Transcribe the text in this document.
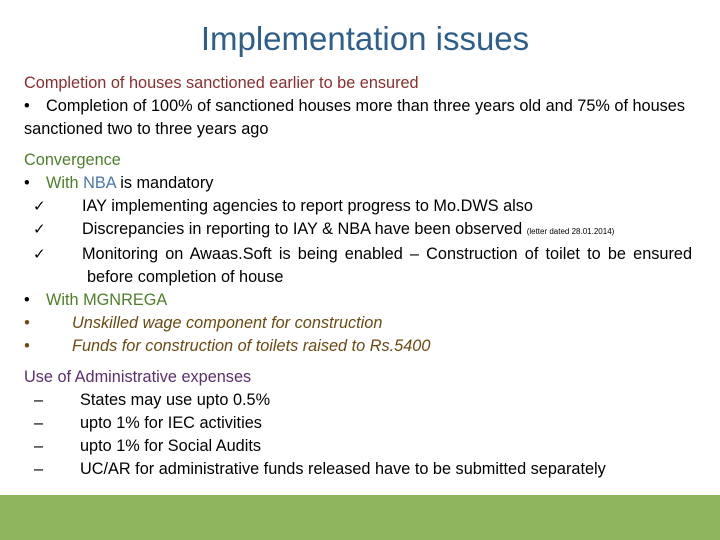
Implementation issues

Completion of houses sanctioned earlier to be ensured

• Completion of 100% of sanctioned houses more than three years old and 75% of houses sanctioned two to three years ago

Convergence

• With NBA is mandatory

✓ IAY implementing agencies to report progress to Mo.DWS also

✓ Discrepancies in reporting to IAY & NBA have been observed (letter dated 28.01.2014)

✓ Monitoring on Awaas.Soft is being enabled – Construction of toilet to be ensured before completion of house

• With MGNREGA

•	Unskilled wage component for construction

•	Funds for construction of toilets raised to Rs.5400

Use of Administrative expenses

– States may use upto 0.5%

– upto 1% for IEC activities

– upto 1% for Social Audits

– UC/AR for administrative funds released have to be submitted separately
